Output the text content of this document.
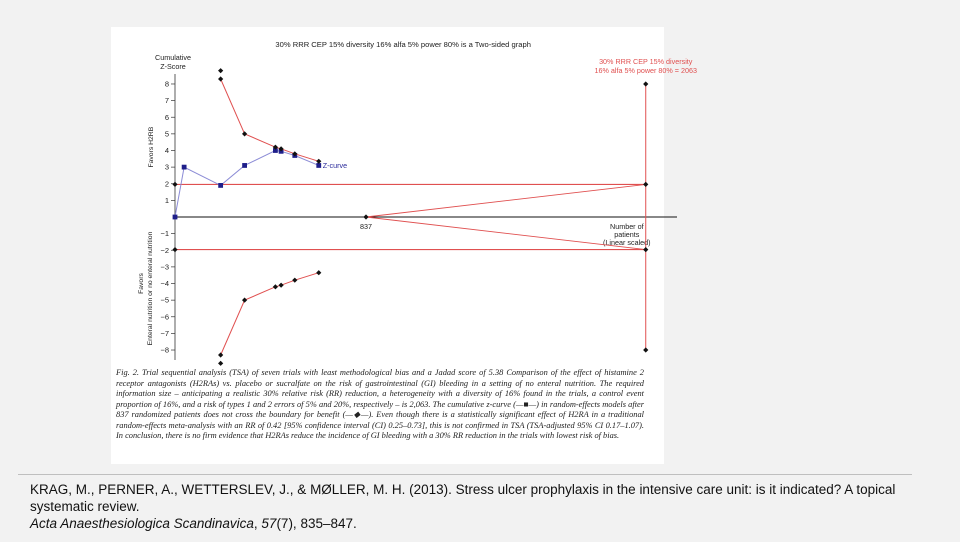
30% RRR CEP 15% diversity 16% alfa 5% power 80% is a Two-sided graph
Cumulative
Z-Score
Favors H2RB
Favors Enteral nutrition or no enteral nutrition
−8
−7
−6
−5
−4
−3
−2
−1
1
2
3
4
5
6
7
8
Number of
patients
(Linear scaled)
30% RRR CEP 15% diversity
16% alfa 5% power 80% = 2063
837
Z-curve
Fig. 2. Trial sequential analysis (TSA) of seven trials with least methodological bias and a Jadad score of 5.38 Comparison of the effect of histamine 2 receptor antagonists (H2RAs) vs. placebo or sucralfate on the risk of gastrointestinal (GI) bleeding in a setting of no enteral nutrition. The required information size – anticipating a realistic 30% relative risk (RR) reduction, a heterogeneity with a diversity of 16% found in the trials, a control event proportion of 16%, and a risk of types 1 and 2 errors of 5% and 20%, respectively – is 2,063. The cumulative z-curve (—■—) in random-effects models after 837 randomized patients does not cross the boundary for benefit (—◆—). Even though there is a statistically significant effect of H2RA in a traditional random-effects meta-analysis with an RR of 0.42 [95% confidence interval (CI) 0.25–0.73], this is not confirmed in TSA (TSA-adjusted 95% CI 0.17–1.07). In conclusion, there is no firm evidence that H2RAs reduce the incidence of GI bleeding with a 30% RR reduction in the trials with lowest risk of bias.
KRAG, M., PERNER, A., WETTERSLEV, J., & MØLLER, M. H. (2013). Stress ulcer prophylaxis in the intensive care unit: is it indicated? A topical systematic review.
Acta Anaesthesiologica Scandinavica, 57(7), 835–847.
